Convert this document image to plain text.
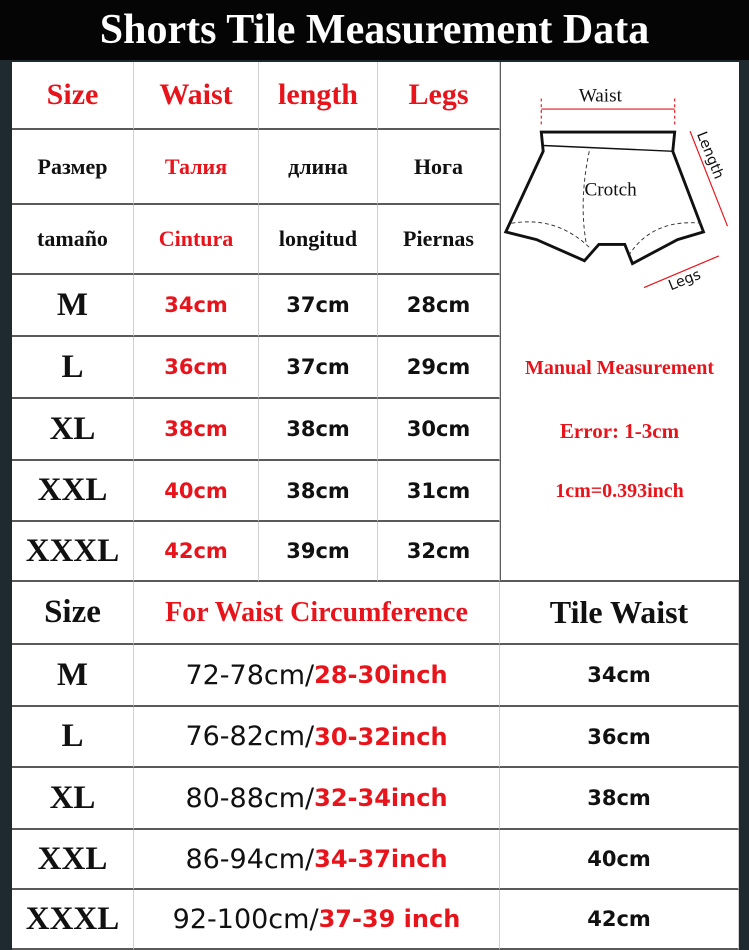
Shorts Tile Measurement Data
Waist
Crotch
Length
Legs
Manual Measurement
Error: 1-3cm
1cm=0.393inch
Size	Waist	length	Legs
Размер	Талия	длина	Нога
tamaño	Cintura	longitud	Piernas
M	34cm	37cm	28cm
L	36cm	37cm	29cm
XL	38cm	38cm	30cm
XXL	40cm	38cm	31cm
XXXL	42cm	39cm	32cm
Size	For Waist Circumference	Tile Waist
M	72-78cm/ 28-30inch	34cm
L	76-82cm/ 30-32inch	36cm
XL	80-88cm/ 32-34inch	38cm
XXL	86-94cm/ 34-37inch	40cm
XXXL	92-100cm/ 37-39 inch	42cm
